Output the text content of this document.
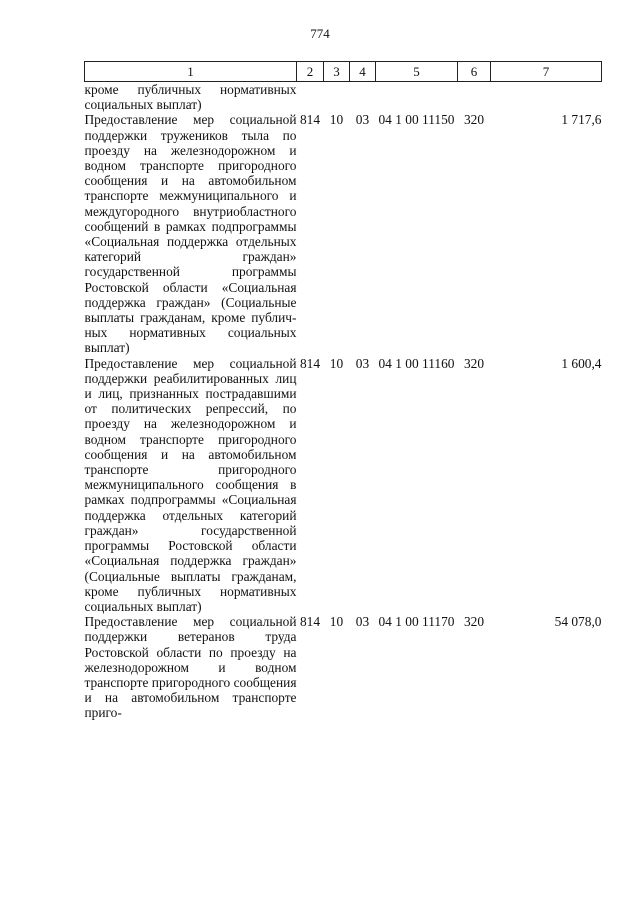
774
1	2	3	4	5	6	7
кроме публичных нормативных социальных выплат)						
Предоставление мер социальной поддержки тружеников тыла по проезду на железнодорожном и водном транспорте пригородного сообщения и на автомобильном транспорте межмуниципального и междугородного внутриобластного сообщений в рамках подпрограммы «Социальная поддержка отдельных категорий граждан» государственной программы Ростовской области «Социальная поддержка граждан» (Социальные выплаты гражданам, кроме публичных нормативных социальных выплат)	814	10	03	04 1 00 11150	320	1 717,6
Предоставление мер социальной поддержки реабилитированных лиц и лиц, признанных пострадавшими от политических репрессий, по проезду на железнодорожном и водном транспорте пригородного сообщения и на автомобильном транспорте пригородного межмуниципального сообщения в рамках подпрограммы «Социальная поддержка отдельных категорий граждан» государственной программы Ростовской области «Социальная поддержка граждан» (Социальные выплаты гражданам, кроме публичных нормативных социальных выплат)	814	10	03	04 1 00 11160	320	1 600,4
Предоставление мер социальной поддержки ветеранов труда Ростовской области по проезду на железнодорожном и водном транспорте пригородного сообщения и на автомобильном транспорте приго-	814	10	03	04 1 00 11170	320	54 078,0
